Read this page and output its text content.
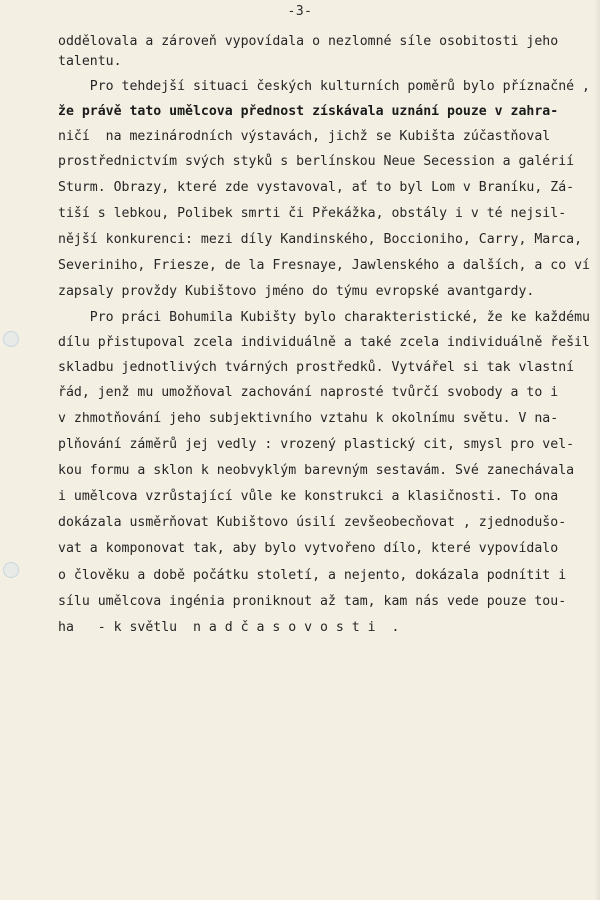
-3-
oddělovala a zároveň vypovídala o nezlomné síle osobitosti jeho
talentu.
Pro tehdejší situaci českých kulturních poměrů bylo příznačné ,
že právě tato umělcova přednost získávala uznání pouze v zahra-
ničí  na mezinárodních výstavách, jichž se Kubišta zúčastňoval
prostřednictvím svých styků s berlínskou Neue Secession a galérií
Sturm. Obrazy, které zde vystavoval, ať to byl Lom v Braníku, Zá-
tiší s lebkou, Polibek smrti či Překážka, obstály i v té nejsil-
nější konkurenci: mezi díly Kandinského, Boccioniho, Carry, Marca,
Severiniho, Friesze, de la Fresnaye, Jawlenského a dalších, a co ví
zapsaly provždy Kubištovo jméno do týmu evropské avantgardy.
Pro práci Bohumila Kubišty bylo charakteristické, že ke každému
dílu přistupoval zcela individuálně a také zcela individuálně řešil
skladbu jednotlivých tvárných prostředků. Vytvářel si tak vlastní
řád, jenž mu umožňoval zachování naprosté tvůrčí svobody a to i
v zhmotňování jeho subjektivního vztahu k okolnímu světu. V na-
plňování záměrů jej vedly : vrozený plastický cit, smysl pro vel-
kou formu a sklon k neobvyklým barevným sestavám. Své zanechávala
i umělcova vzrůstající vůle ke konstrukci a klasičnosti. To ona
dokázala usměrňovat Kubištovo úsilí zevšeobecňovat , zjednodušo-
vat a komponovat tak, aby bylo vytvořeno dílo, které vypovídalo
o člověku a době počátku století, a nejento, dokázala podnítit i
sílu umělcova ingénia proniknout až tam, kam nás vede pouze tou-
ha   - k světlu  n a d č a s o v o s t i  .
